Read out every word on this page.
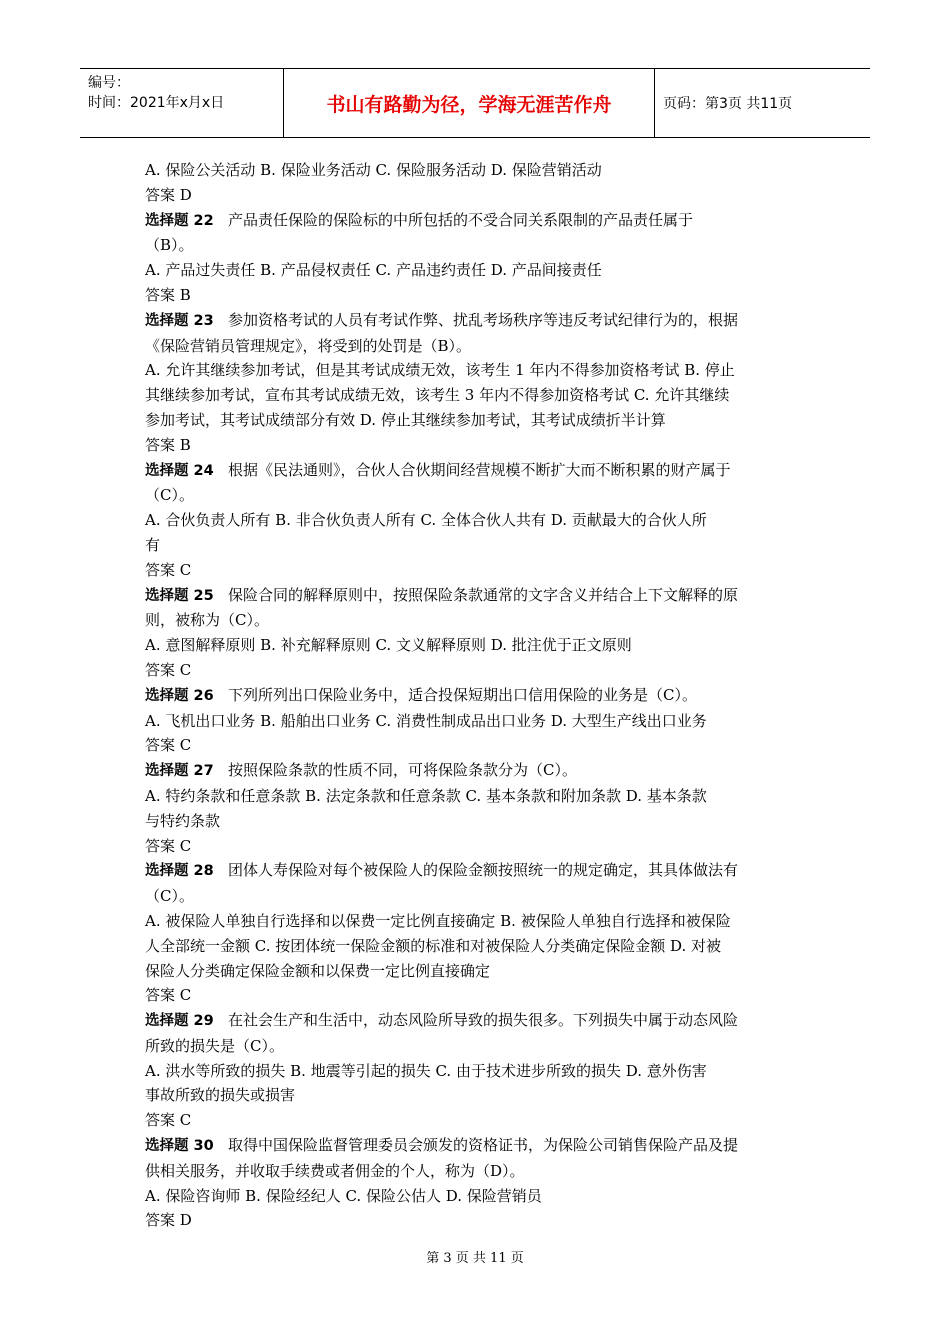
编号：
时间：2021年x月x日	书山有路勤为径，学海无涯苦作舟	页码：第3页 共11页

A. 保险公关活动 B. 保险业务活动 C. 保险服务活动 D. 保险营销活动

答案 D

选择题 22 产品责任保险的保险标的中所包括的不受合同关系限制的产品责任属于

（B）。

A. 产品过失责任 B. 产品侵权责任 C. 产品违约责任 D. 产品间接责任

答案 B

选择题 23 参加资格考试的人员有考试作弊、扰乱考场秩序等违反考试纪律行为的，根据

《保险营销员管理规定》，将受到的处罚是（B）。

A. 允许其继续参加考试，但是其考试成绩无效，该考生 1 年内不得参加资格考试 B. 停止

其继续参加考试，宣布其考试成绩无效，该考生 3 年内不得参加资格考试 C. 允许其继续

参加考试，其考试成绩部分有效 D. 停止其继续参加考试，其考试成绩折半计算

答案 B

选择题 24 根据《民法通则》，合伙人合伙期间经营规模不断扩大而不断积累的财产属于

（C）。

A. 合伙负责人所有 B. 非合伙负责人所有 C. 全体合伙人共有 D. 贡献最大的合伙人所

有

答案 C

选择题 25 保险合同的解释原则中，按照保险条款通常的文字含义并结合上下文解释的原

则，被称为（C）。

A. 意图解释原则 B. 补充解释原则 C. 文义解释原则 D. 批注优于正文原则

答案 C

选择题 26 下列所列出口保险业务中，适合投保短期出口信用保险的业务是（C）。

A. 飞机出口业务 B. 船舶出口业务 C. 消费性制成品出口业务 D. 大型生产线出口业务

答案 C

选择题 27 按照保险条款的性质不同，可将保险条款分为（C）。

A. 特约条款和任意条款 B. 法定条款和任意条款 C. 基本条款和附加条款 D. 基本条款

与特约条款

答案 C

选择题 28 团体人寿保险对每个被保险人的保险金额按照统一的规定确定，其具体做法有

（C）。

A. 被保险人单独自行选择和以保费一定比例直接确定 B. 被保险人单独自行选择和被保险

人全部统一金额 C. 按团体统一保险金额的标准和对被保险人分类确定保险金额 D. 对被

保险人分类确定保险金额和以保费一定比例直接确定

答案 C

选择题 29 在社会生产和生活中，动态风险所导致的损失很多。下列损失中属于动态风险

所致的损失是（C）。

A. 洪水等所致的损失 B. 地震等引起的损失 C. 由于技术进步所致的损失 D. 意外伤害

事故所致的损失或损害

答案 C

选择题 30 取得中国保险监督管理委员会颁发的资格证书，为保险公司销售保险产品及提

供相关服务，并收取手续费或者佣金的个人，称为（D）。

A. 保险咨询师 B. 保险经纪人 C. 保险公估人 D. 保险营销员

答案 D

第 3 页 共 11 页
